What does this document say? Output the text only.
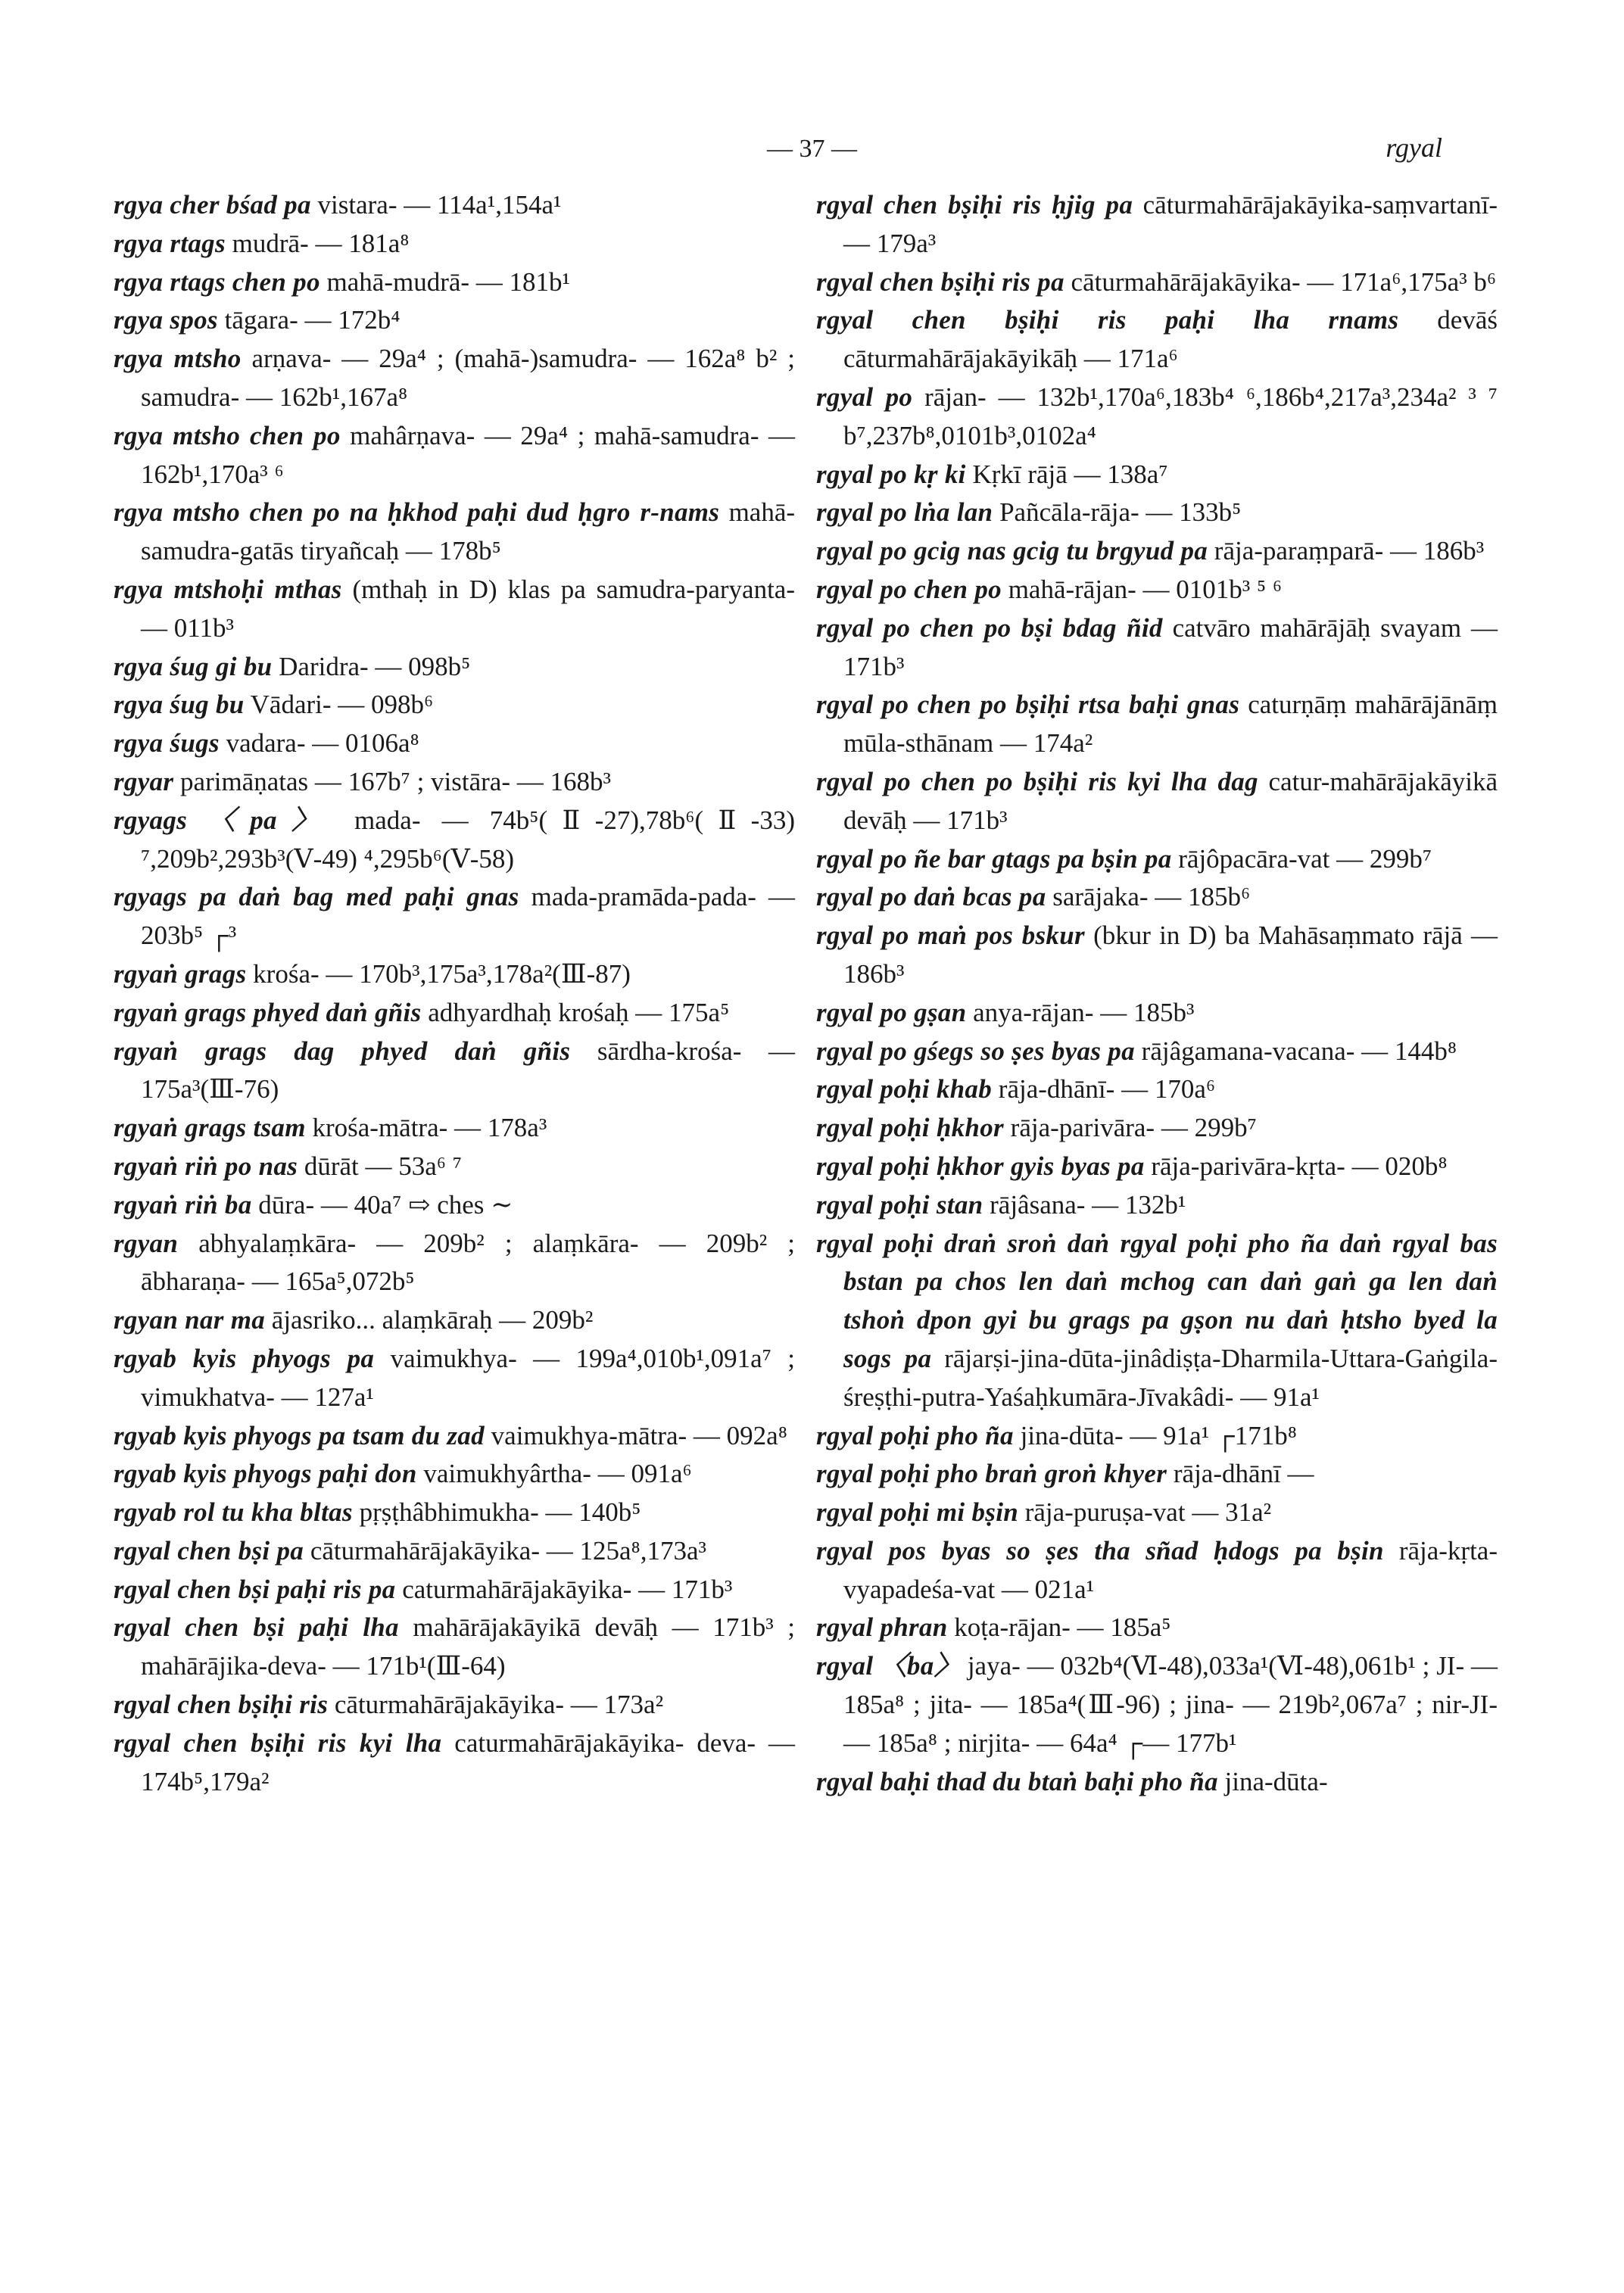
— 37 —	rgyal

rgya cher bśad pa vistara- — 114a¹,154a¹

rgya rtags mudrā- — 181a⁸

rgya rtags chen po mahā-mudrā- — 181b¹

rgya spos tāgara- — 172b⁴

rgya mtsho arṇava- — 29a⁴ ; (mahā-)samudra- — 162a⁸ b² ; samudra- — 162b¹,167a⁸

rgya mtsho chen po mahârṇava- — 29a⁴ ; mahā-samudra- — 162b¹,170a³ ⁶

rgya mtsho chen po na ḥkhod paḥi dud ḥgro r-nams mahā-samudra-gatās tiryañcaḥ — 178b⁵

rgya mtshoḥi mthas (mthaḥ in D) klas pa samudra-paryanta- — 011b³

rgya śug gi bu Daridra- — 098b⁵

rgya śug bu Vādari- — 098b⁶

rgya śugs vadara- — 0106a⁸

rgyar parimāṇatas — 167b⁷ ; vistāra- — 168b³

rgyags 〈pa〉 mada- — 74b⁵(Ⅱ-27),78b⁶(Ⅱ-33) ⁷,209b²,293b³(Ⅴ-49) ⁴,295b⁶(Ⅴ-58)

rgyags pa daṅ bag med paḥi gnas mada-pramāda-pada- — 203b⁵ ┌³

rgyaṅ grags krośa- — 170b³,175a³,178a²(Ⅲ-87)

rgyaṅ grags phyed daṅ gñis adhyardhaḥ krośaḥ — 175a⁵

rgyaṅ grags dag phyed daṅ gñis sārdha-krośa- — 175a³(Ⅲ-76)

rgyaṅ grags tsam krośa-mātra- — 178a³

rgyaṅ riṅ po nas dūrāt — 53a⁶ ⁷

rgyaṅ riṅ ba dūra- — 40a⁷ ⇨ ches ∼

rgyan abhyalaṃkāra- — 209b² ; alaṃkāra- — 209b² ; ābharaṇa- — 165a⁵,072b⁵

rgyan nar ma ājasriko... alaṃkāraḥ — 209b²

rgyab kyis phyogs pa vaimukhya- — 199a⁴,010b¹,091a⁷ ; vimukhatva- — 127a¹

rgyab kyis phyogs pa tsam du zad vaimukhya-mātra- — 092a⁸

rgyab kyis phyogs paḥi don vaimukhyârtha- — 091a⁶

rgyab rol tu kha bltas pṛṣṭhâbhimukha- — 140b⁵

rgyal chen bṣi pa cāturmahārājakāyika- — 125a⁸,173a³

rgyal chen bṣi paḥi ris pa caturmahārājakāyika- — 171b³

rgyal chen bṣi paḥi lha mahārājakāyikā devāḥ — 171b³ ; mahārājika-deva- — 171b¹(Ⅲ-64)

rgyal chen bṣiḥi ris cāturmahārājakāyika- — 173a²

rgyal chen bṣiḥi ris kyi lha caturmahārājakāyika- deva- — 174b⁵,179a²

rgyal chen bṣiḥi ris ḥjig pa cāturmahārājakāyika-saṃvartanī- — 179a³

rgyal chen bṣiḥi ris pa cāturmahārājakāyika- — 171a⁶,175a³ b⁶

rgyal chen bṣiḥi ris paḥi lha rnams devāś cāturmahārājakāyikāḥ — 171a⁶

rgyal po rājan- — 132b¹,170a⁶,183b⁴ ⁶,186b⁴,217a³,234a² ³ ⁷ b⁷,237b⁸,0101b³,0102a⁴

rgyal po kṛ ki Kṛkī rājā — 138a⁷

rgyal po lṅa lan Pañcāla-rāja- — 133b⁵

rgyal po gcig nas gcig tu brgyud pa rāja-paraṃparā- — 186b³

rgyal po chen po mahā-rājan- — 0101b³ ⁵ ⁶

rgyal po chen po bṣi bdag ñid catvāro mahārājāḥ svayam — 171b³

rgyal po chen po bṣiḥi rtsa baḥi gnas caturṇāṃ mahārājānāṃ mūla-sthānam — 174a²

rgyal po chen po bṣiḥi ris kyi lha dag catur-mahārājakāyikā devāḥ — 171b³

rgyal po ñe bar gtags pa bṣin pa rājôpacāra-vat — 299b⁷

rgyal po daṅ bcas pa sarājaka- — 185b⁶

rgyal po maṅ pos bskur (bkur in D) ba Mahāsaṃmato rājā — 186b³

rgyal po gṣan anya-rājan- — 185b³

rgyal po gśegs so ṣes byas pa rājâgamana-vacana- — 144b⁸

rgyal poḥi khab rāja-dhānī- — 170a⁶

rgyal poḥi ḥkhor rāja-parivāra- — 299b⁷

rgyal poḥi ḥkhor gyis byas pa rāja-parivāra-kṛta- — 020b⁸

rgyal poḥi stan rājâsana- — 132b¹

rgyal poḥi draṅ sroṅ daṅ rgyal poḥi pho ña daṅ rgyal bas bstan pa chos len daṅ mchog can daṅ gaṅ ga len daṅ tshoṅ dpon gyi bu grags pa gṣon nu daṅ ḥtsho byed la sogs pa rājarṣi-jina-dūta-jinâdiṣṭa-Dharmila-Uttara-Gaṅgila-śreṣṭhi-putra-Yaśaḥkumāra-Jīvakâdi- — 91a¹

rgyal poḥi pho ña jina-dūta- — 91a¹ ┌171b⁸

rgyal poḥi pho braṅ groṅ khyer rāja-dhānī —

rgyal poḥi mi bṣin rāja-puruṣa-vat — 31a²

rgyal pos byas so ṣes tha sñad ḥdogs pa bṣin rāja-kṛta-vyapadeśa-vat — 021a¹

rgyal phran koṭa-rājan- — 185a⁵

rgyal 〈ba〉 jaya- — 032b⁴(Ⅵ-48),033a¹(Ⅵ-48),061b¹ ; JI- — 185a⁸ ; jita- — 185a⁴(Ⅲ-96) ; jina- — 219b²,067a⁷ ; nir-JI- — 185a⁸ ; nirjita- — 64a⁴ ┌— 177b¹

rgyal baḥi thad du btaṅ baḥi pho ña jina-dūta-
